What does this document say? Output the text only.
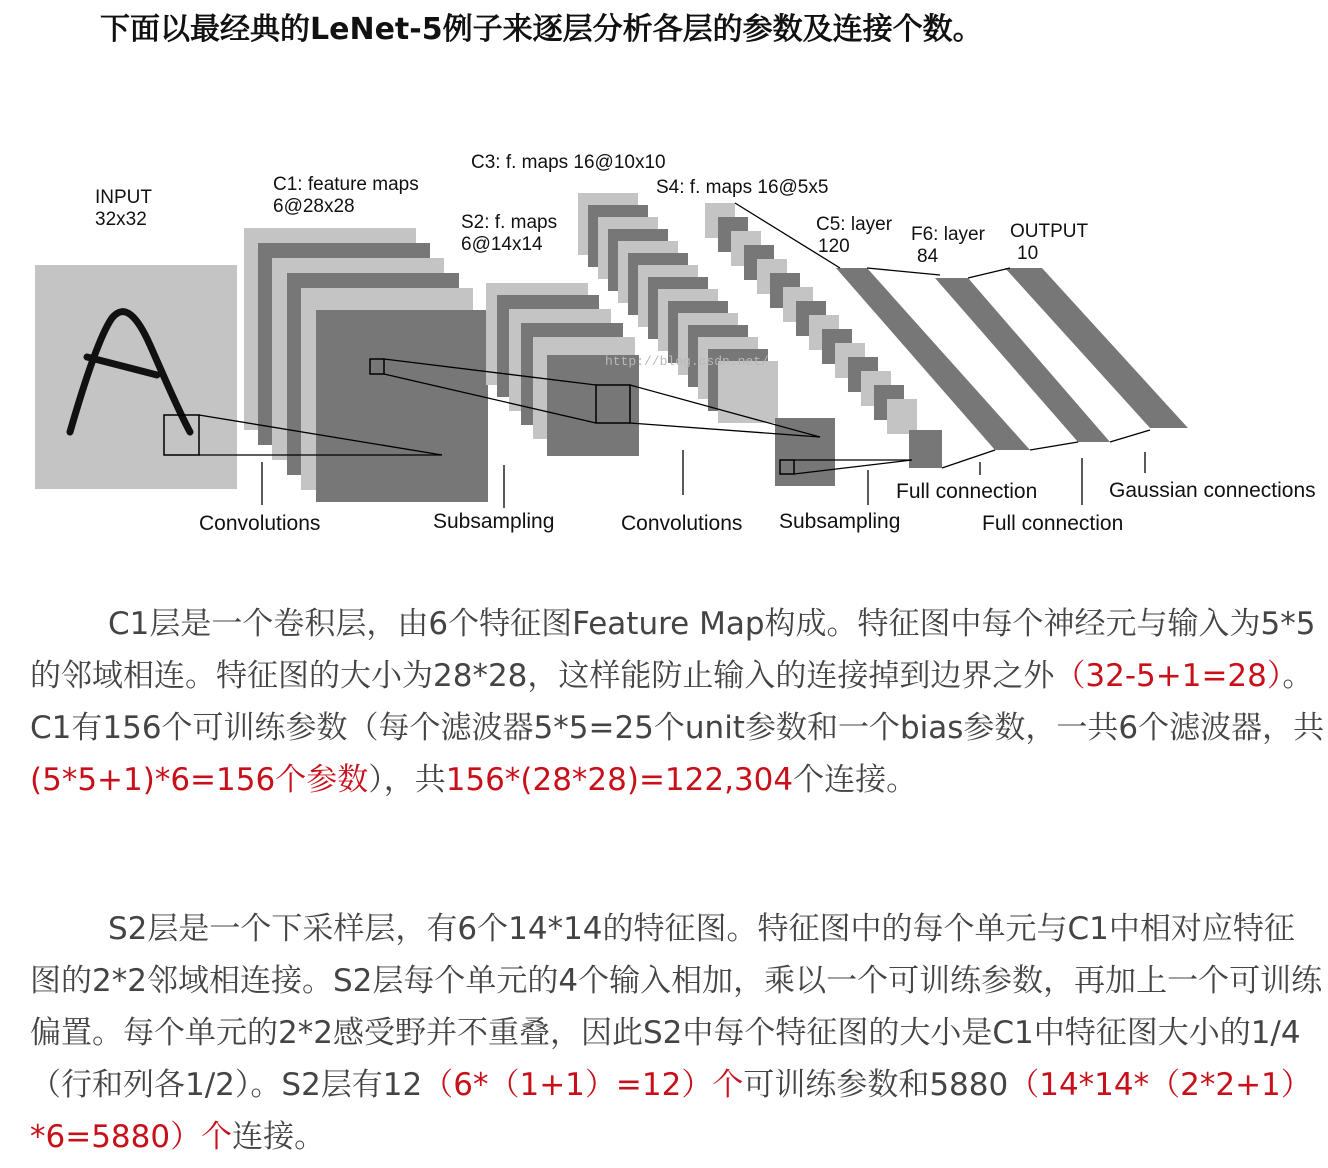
下面以最经典的LeNet-5例子来逐层分析各层的参数及连接个数。
INPUT
32x32
C1: feature maps
6@28x28
S2: f. maps
6@14x14
C3: f. maps 16@10x10
S4: f. maps 16@5x5
C5: layer
120
F6: layer
84
OUTPUT
10
http://blog.csdn.net/
Convolutions	Subsampling	Convolutions Subsampling
Full connection
Full connection
Gaussian connections

C1层是一个卷积层，由6个特征图Feature Map构成。特征图中每个神经元与输入为5*5的邻域相连。特征图的大小为28*28，这样能防止输入的连接掉到边界之外（32-5+1=28）。C1有156个可训练参数（每个滤波器5*5=25个unit参数和一个bias参数，一共6个滤波器，共(5*5+1)*6=156个参数），共156*(28*28)=122,304个连接。

S2层是一个下采样层，有6个14*14的特征图。特征图中的每个单元与C1中相对应特征图的2*2邻域相连接。S2层每个单元的4个输入相加，乘以一个可训练参数，再加上一个可训练偏置。每个单元的2*2感受野并不重叠，因此S2中每个特征图的大小是C1中特征图大小的1/4（行和列各1/2）。S2层有12（6*（1+1）=12）个可训练参数和5880（14*14*（2*2+1）*6=5880）个连接。
